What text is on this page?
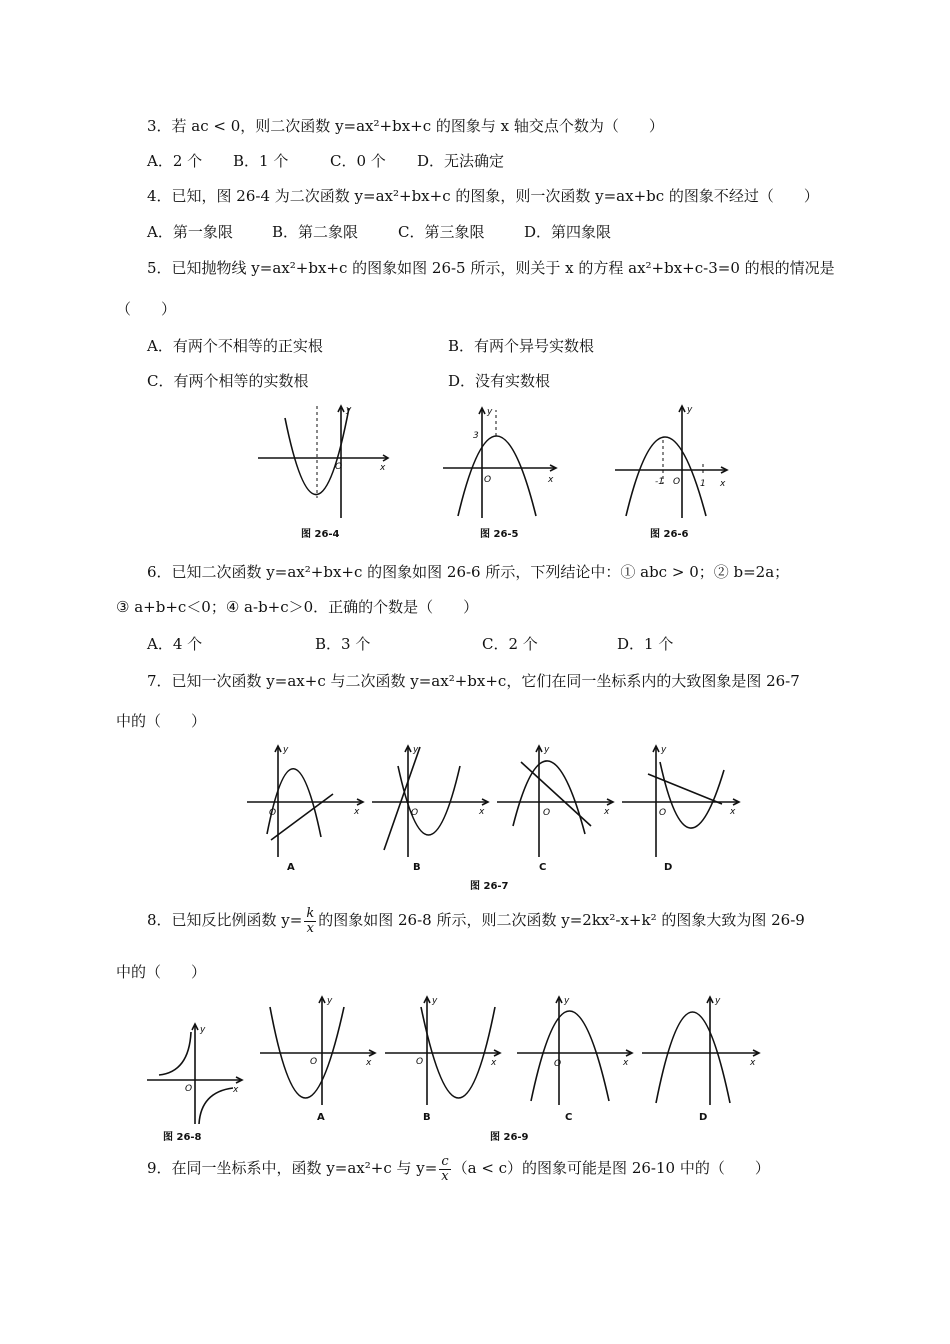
3．若 ac < 0，则二次函数 y=ax²+bx+c 的图象与 x 轴交点个数为（　　）
A．2 个 B．1 个	C．0 个 D．无法确定
4．已知，图 26-4 为二次函数 y=ax²+bx+c 的图象，则一次函数 y=ax+bc 的图象不经过（　　）
A．第一象限	B．第二象限	C．第三象限	D．第四象限
5．已知抛物线 y=ax²+bx+c 的图象如图 26-5 所示，则关于 x 的方程 ax²+bx+c-3=0 的根的情况是
（　　）
A．有两个不相等的正实根	B．有两个异号实数根
C．有两个相等的实数根	D．没有实数根
x
y
O
图 26-4
x
y
O
3
图 26-5
x
y
O
-1	1
图 26-6
6．已知二次函数 y=ax²+bx+c 的图象如图 26-6 所示，下列结论中：① abc > 0；② b=2a；
③ a+b+c＜0；④ a-b+c＞0．正确的个数是（　　）
A．4 个	B．3 个	C．2 个	D．1 个
7．已知一次函数 y=ax+c 与二次函数 y=ax²+bx+c，它们在同一坐标系内的大致图象是图 26-7
中的（　　）
x
y
O
A
x
y
O
B
x
y
O
C
x
y
O
D
图 26-7
8．已知反比例函数 $y= \frac{k}{x}$ 的图象如图 26-8 所示，则二次函数 y=2kx²-x+k² 的图象大致为图 26-9
中的（　　）
x
y
O
图 26-8
x
y
O
A
x
y
O
B
x
y
O
C
x
y
D
图 26-9
9．在同一坐标系中，函数 y=ax²+c 与 $y= \frac{c}{x} (a < c)$的图象可能是图 26-10 中的（　　）
